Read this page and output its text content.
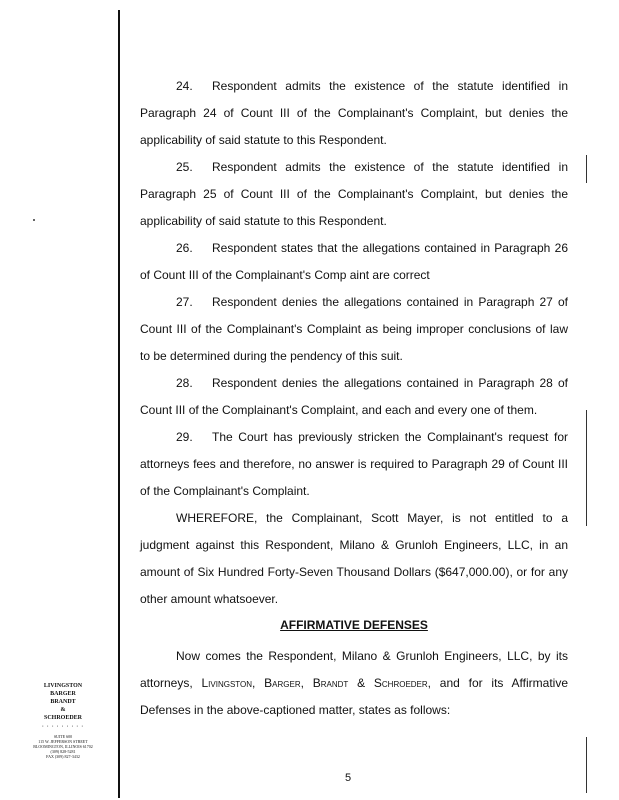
24. Respondent admits the existence of the statute identified in Paragraph 24 of Count III of the Complainant's Complaint, but denies the applicability of said statute to this Respondent.

25. Respondent admits the existence of the statute identified in Paragraph 25 of Count III of the Complainant's Complaint, but denies the applicability of said statute to this Respondent.

26. Respondent states that the allegations contained in Paragraph 26 of Count III of the Complainant's Comp aint are correct

27. Respondent denies the allegations contained in Paragraph 27 of Count III of the Complainant's Complaint as being improper conclusions of law to be determined during the pendency of this suit.

28. Respondent denies the allegations contained in Paragraph 28 of Count III of the Complainant's Complaint, and each and every one of them.

29. The Court has previously stricken the Complainant's request for attorneys fees and therefore, no answer is required to Paragraph 29 of Count III of the Complainant's Complaint.

WHEREFORE, the Complainant, Scott Mayer, is not entitled to a judgment against this Respondent, Milano & Grunloh Engineers, LLC, in an amount of Six Hundred Forty-Seven Thousand Dollars ($647,000.00), or for any other amount whatsoever.

AFFIRMATIVE DEFENSES

Now comes the Respondent, Milano & Grunloh Engineers, LLC, by its attorneys, Livingston, Barger, Brandt & Schroeder, and for its Affirmative Defenses in the above-captioned matter, states as follows:

5
LIVINGSTON
BARGER
BRANDT
&
SCHROEDER
· · · · · · · · ·
SUITE 600
115 W. JEFFERSON STREET
BLOOMINGTON, ILLINOIS 61702
(309) 828-5281
FAX (309) 827-3432
